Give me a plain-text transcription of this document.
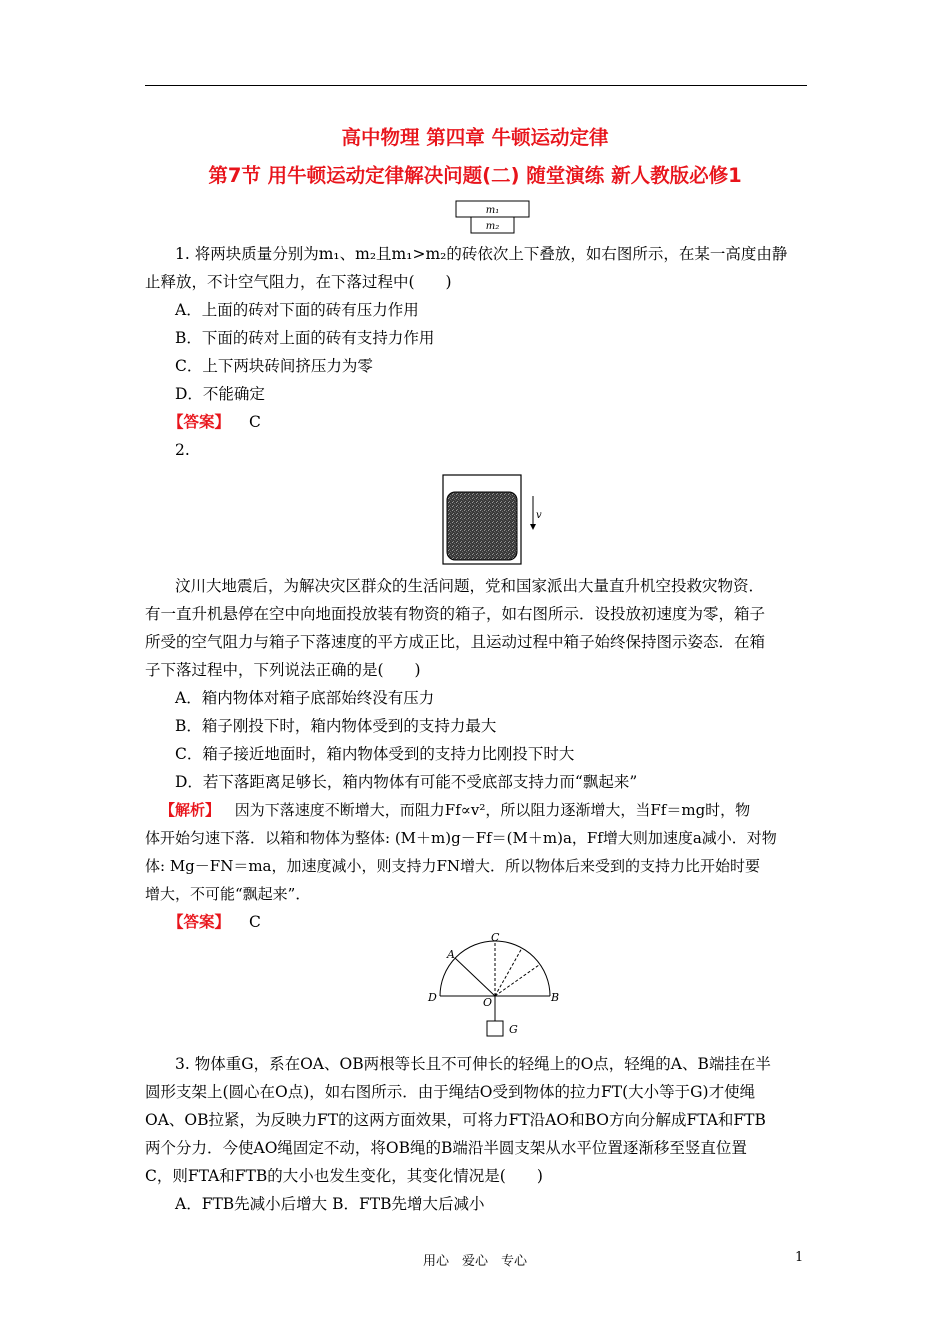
高中物理 第四章 牛顿运动定律
第7节 用牛顿运动定律解决问题(二) 随堂演练 新人教版必修1
m₁
m₂
1. 将两块质量分别为m₁、m₂且m₁>m₂的砖依次上下叠放，如右图所示，在某一高度由静
止释放，不计空气阻力，在下落过程中(　　)
A．上面的砖对下面的砖有压力作用
B．下面的砖对上面的砖有支持力作用
C．上下两块砖间挤压力为零
D．不能确定
【答案】 C
2.
v
汶川大地震后，为解决灾区群众的生活问题，党和国家派出大量直升机空投救灾物资．
有一直升机悬停在空中向地面投放装有物资的箱子，如右图所示．设投放初速度为零，箱子
所受的空气阻力与箱子下落速度的平方成正比，且运动过程中箱子始终保持图示姿态．在箱
子下落过程中，下列说法正确的是(　　)
A．箱内物体对箱子底部始终没有压力
B．箱子刚投下时，箱内物体受到的支持力最大
C．箱子接近地面时，箱内物体受到的支持力比刚投下时大
D．若下落距离足够长，箱内物体有可能不受底部支持力而“飘起来”
【解析】 因为下落速度不断增大，而阻力Ff∝v²，所以阻力逐渐增大，当Ff＝mg时，物
体开始匀速下落．以箱和物体为整体: (M＋m)g－Ff＝(M＋m)a，Ff增大则加速度a减小．对物
体: Mg－FN＝ma，加速度减小，则支持力FN增大．所以物体后来受到的支持力比开始时要
增大，不可能“飘起来”．
【答案】 C
A
C
D	B
O
G
3. 物体重G，系在OA、OB两根等长且不可伸长的轻绳上的O点，轻绳的A、B端挂在半
圆形支架上(圆心在O点)，如右图所示．由于绳结O受到物体的拉力FT(大小等于G)才使绳
OA、OB拉紧，为反映力FT的这两方面效果，可将力FT沿AO和BO方向分解成FTA和FTB
两个分力．今使AO绳固定不动，将OB绳的B端沿半圆支架从水平位置逐渐移至竖直位置
C，则FTA和FTB的大小也发生变化，其变化情况是(　　)
A．FTB先减小后增大 B．FTB先增大后减小
用心　爱心　专心	1
